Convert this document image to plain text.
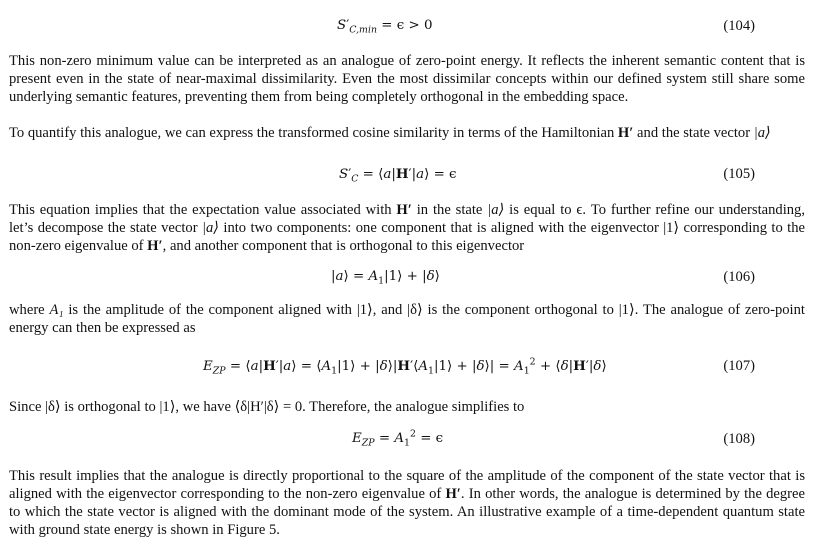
$S'_{C,min} = \epsilon > 0$	(104)

This non-zero minimum value can be interpreted as an analogue of zero-point energy. It reflects the inherent semantic content that is present even in the state of near-maximal dissimilarity. Even the most dissimilar concepts within our defined system still share some underlying semantic features, preventing them from being completely orthogonal in the embedding space.

To quantify this analogue, we can express the transformed cosine similarity in terms of the Hamiltonian H′ and the state vector |a⟩

$S'_C$ = ⟨a|H′|a⟩ = ϵ	(105)

This equation implies that the expectation value associated with H′ in the state |a⟩ is equal to ϵ. To further refine our understanding, let’s decompose the state vector |a⟩ into two components: one component that is aligned with the eigenvector |1⟩ corresponding to the non-zero eigenvalue of H′, and another component that is orthogonal to this eigenvector

|a⟩ = $A_1|1⟩$ + |δ⟩	(106)

where A₁ is the amplitude of the component aligned with |1⟩, and |δ⟩ is the component orthogonal to |1⟩. The analogue of zero-point energy can then be expressed as

$E_{ZP}$ = ⟨a|H′|a⟩ = $⟨A_1|1⟩$ + $|\delta⟩|H'⟨A_1|1⟩$ + |δ⟩| = $A_1^2$ + ⟨δ|H′|δ⟩	(107)

Since |δ⟩ is orthogonal to |1⟩, we have ⟨δ|H′|δ⟩ = 0. Therefore, the analogue simplifies to

$E_{ZP} = A_1^2 = \epsilon$	(108)

This result implies that the analogue is directly proportional to the square of the amplitude of the component of the state vector that is aligned with the eigenvector corresponding to the non-zero eigenvalue of H′. In other words, the analogue is determined by the degree to which the state vector is aligned with the dominant mode of the system. An illustrative example of a time-dependent quantum state with ground state energy is shown in Figure 5.
